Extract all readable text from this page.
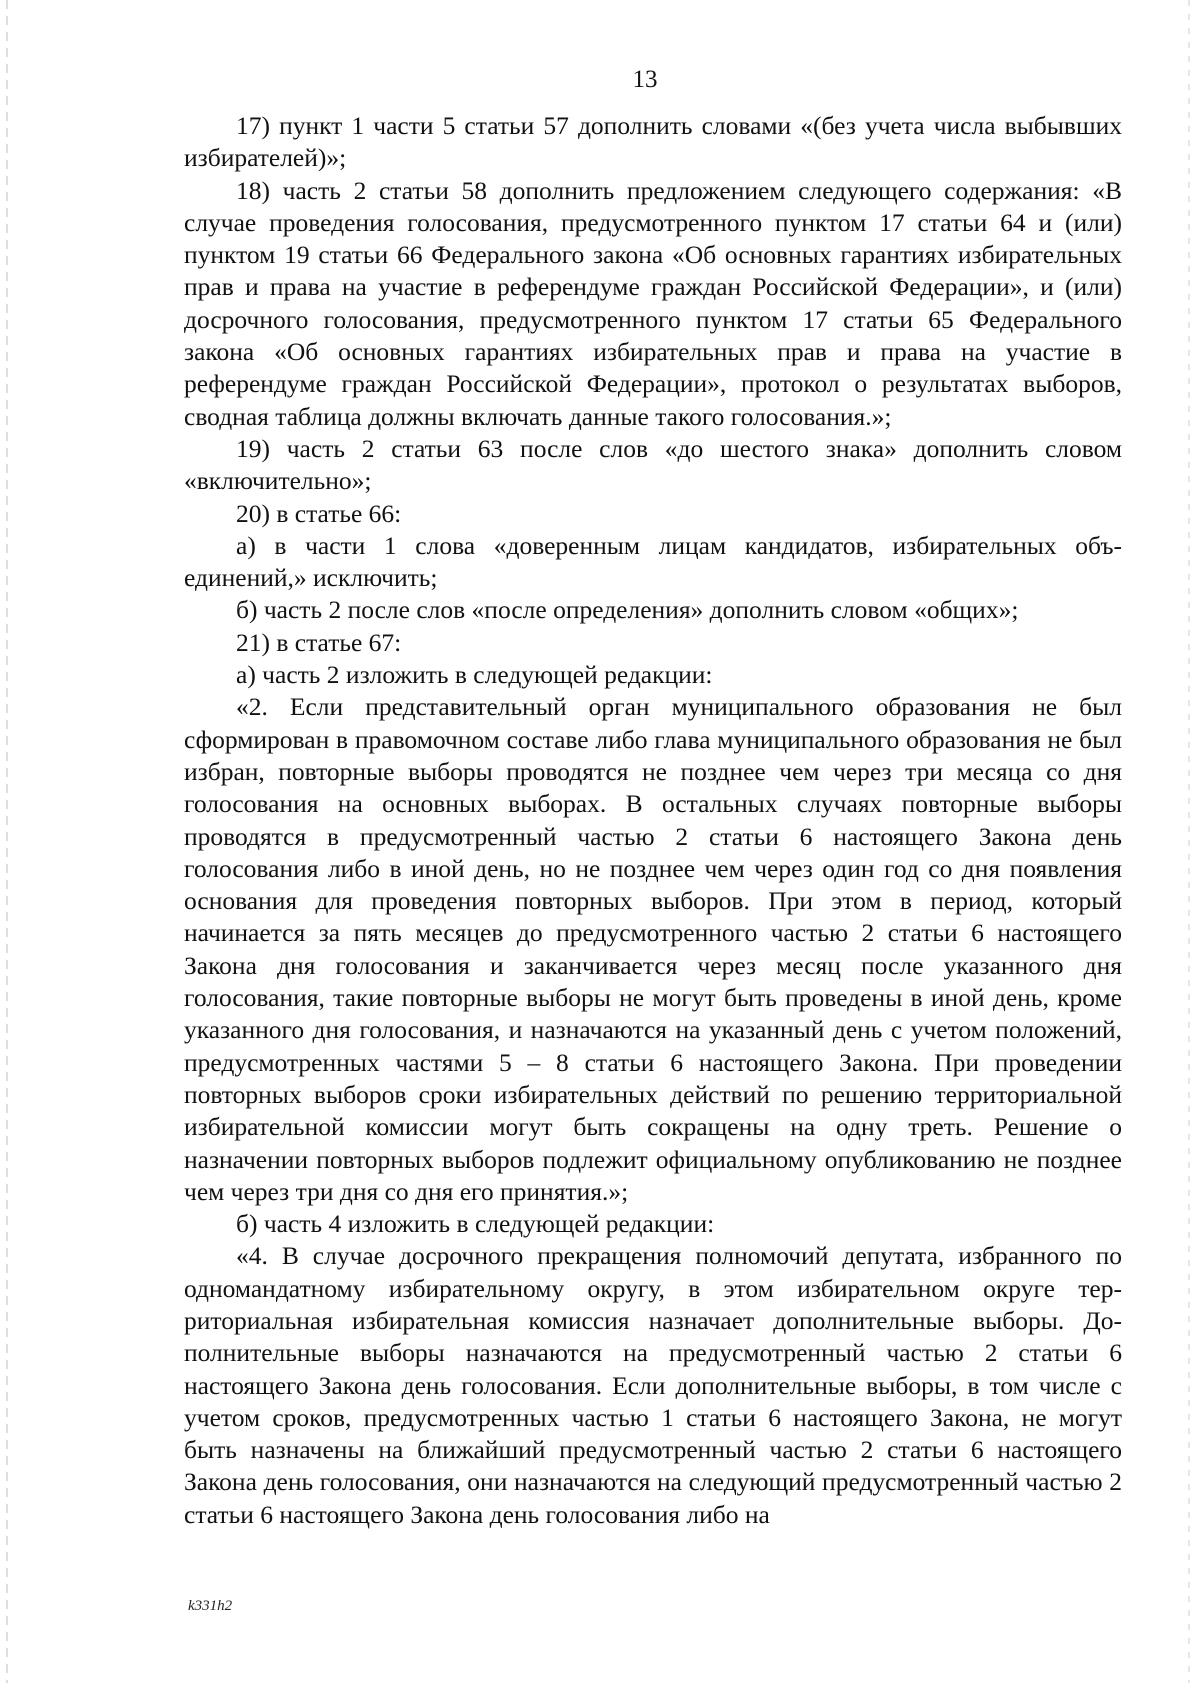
13

17) пункт 1 части 5 статьи 57 дополнить словами «(без учета числа выбывших избирателей)»;

18) часть 2 статьи 58 дополнить предложением следующего содержания: «В случае проведения голосования, предусмотренного пунктом 17 статьи 64 и (или) пунктом 19 статьи 66 Федерального закона «Об основных гарантиях избирательных прав и права на участие в референдуме граждан Российской Федерации», и (или) досрочного голосования, предусмотренного пунктом 17 статьи 65 Федерального закона «Об основных гарантиях избирательных прав и права на участие в референдуме граждан Российской Федерации», протокол о результатах выборов, сводная таблица должны включать данные такого голосования.»;

19) часть 2 статьи 63 после слов «до шестого знака» дополнить словом «включительно»;

20) в статье 66:

а) в части 1 слова «доверенным лицам кандидатов, избирательных объединений,» исключить;

б) часть 2 после слов «после определения» дополнить словом «общих»;

21) в статье 67:

а) часть 2 изложить в следующей редакции:

«2. Если представительный орган муниципального образования не был сформирован в правомочном составе либо глава муниципального образования не был избран, повторные выборы проводятся не позднее чем через три месяца со дня голосования на основных выборах. В остальных случаях повторные выборы проводятся в предусмотренный частью 2 статьи 6 настоящего Закона день голосования либо в иной день, но не позднее чем через один год со дня появления основания для проведения повторных выборов. При этом в период, который начинается за пять месяцев до предусмотренного частью 2 статьи 6 настоящего Закона дня голосования и заканчивается через месяц после указанного дня голосования, такие повторные выборы не могут быть проведены в иной день, кроме указанного дня голосования, и назначаются на указанный день с учетом положений, предусмотренных частями 5 – 8 статьи 6 настоящего Закона. При проведении повторных выборов сроки избирательных действий по решению территориальной избирательной комиссии могут быть сокращены на одну треть. Решение о назначении повторных выборов подлежит официальному опубликованию не позднее чем через три дня со дня его принятия.»;

б) часть 4 изложить в следующей редакции:

«4. В случае досрочного прекращения полномочий депутата, избранного по одномандатному избирательному округу, в этом избирательном округе территориальная избирательная комиссия назначает дополнительные выборы. Дополнительные выборы назначаются на предусмотренный частью 2 статьи 6 настоящего Закона день голосования. Если дополнительные выборы, в том числе с учетом сроков, предусмотренных частью 1 статьи 6 настоящего Закона, не могут быть назначены на ближайший предусмотренный частью 2 статьи 6 настоящего Закона день голосования, они назначаются на следующий предусмотренный частью 2 статьи 6 настоящего Закона день голосования либо на

k331h2
